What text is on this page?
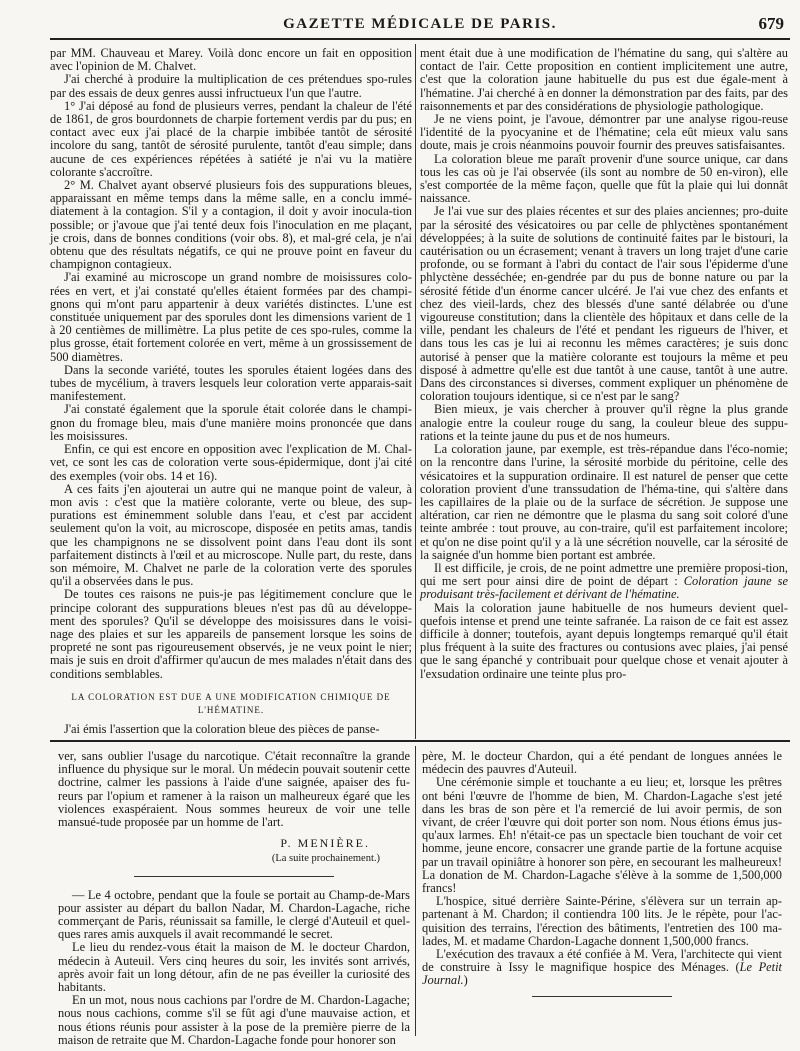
GAZETTE MÉDICALE DE PARIS.	679

par MM. Chauveau et Marey. Voilà donc encore un fait en opposition avec l'opinion de M. Chalvet.

J'ai cherché à produire la multiplication de ces prétendues spo-rules par des essais de deux genres aussi infructueux l'un que l'autre.

1° J'ai déposé au fond de plusieurs verres, pendant la chaleur de l'été de 1861, de gros bourdonnets de charpie fortement verdis par du pus; en contact avec eux j'ai placé de la charpie imbibée tantôt de sérosité incolore du sang, tantôt de sérosité purulente, tantôt d'eau simple; dans aucune de ces expériences répétées à satiété je n'ai vu la matière colorante s'accroître.

2° M. Chalvet ayant observé plusieurs fois des suppurations bleues, apparaissant en même temps dans la même salle, en a conclu immé-diatement à la contagion. S'il y a contagion, il doit y avoir inocula-tion possible; or j'avoue que j'ai tenté deux fois l'inoculation en me plaçant, je crois, dans de bonnes conditions (voir obs. 8), et mal-gré cela, je n'ai obtenu que des résultats négatifs, ce qui ne prouve point en faveur du champignon contagieux.

J'ai examiné au microscope un grand nombre de moisissures colo-rées en vert, et j'ai constaté qu'elles étaient formées par des champi-gnons qui m'ont paru appartenir à deux variétés distinctes. L'une est constituée uniquement par des sporules dont les dimensions varient de 1 à 20 centièmes de millimètre. La plus petite de ces spo-rules, comme la plus grosse, était fortement colorée en vert, même à un grossissement de 500 diamètres.

Dans la seconde variété, toutes les sporules étaient logées dans des tubes de mycélium, à travers lesquels leur coloration verte apparais-sait manifestement.

J'ai constaté également que la sporule était colorée dans le champi-gnon du fromage bleu, mais d'une manière moins prononcée que dans les moisissures.

Enfin, ce qui est encore en opposition avec l'explication de M. Chal-vet, ce sont les cas de coloration verte sous-épidermique, dont j'ai cité des exemples (voir obs. 14 et 16).

A ces faits j'en ajouterai un autre qui ne manque point de valeur, à mon avis : c'est que la matière colorante, verte ou bleue, des sup-purations est éminemment soluble dans l'eau, et c'est par accident seulement qu'on la voit, au microscope, disposée en petits amas, tandis que les champignons ne se dissolvent point dans l'eau dont ils sont parfaitement distincts à l'œil et au microscope. Nulle part, du reste, dans son mémoire, M. Chalvet ne parle de la coloration verte des sporules qu'il a observées dans le pus.

De toutes ces raisons ne puis-je pas légitimement conclure que le principe colorant des suppurations bleues n'est pas dû au développe-ment des sporules? Qu'il se développe des moisissures dans le voisi-nage des plaies et sur les appareils de pansement lorsque les soins de propreté ne sont pas rigoureusement observés, je ne veux point le nier; mais je suis en droit d'affirmer qu'aucun de mes malades n'était dans des conditions semblables.

LA COLORATION EST DUE A UNE MODIFICATION CHIMIQUE DE L'HÉMATINE.

J'ai émis l'assertion que la coloration bleue des pièces de panse-

ment était due à une modification de l'hématine du sang, qui s'altère au contact de l'air. Cette proposition en contient implicitement une autre, c'est que la coloration jaune habituelle du pus est due égale-ment à l'hématine. J'ai cherché à en donner la démonstration par des faits, par des raisonnements et par des considérations de physiologie pathologique.

Je ne viens point, je l'avoue, démontrer par une analyse rigou-reuse l'identité de la pyocyanine et de l'hématine; cela eût mieux valu sans doute, mais je crois néanmoins pouvoir fournir des preuves satisfaisantes.

La coloration bleue me paraît provenir d'une source unique, car dans tous les cas où je l'ai observée (ils sont au nombre de 50 en-viron), elle s'est comportée de la même façon, quelle que fût la plaie qui lui donnât naissance.

Je l'ai vue sur des plaies récentes et sur des plaies anciennes; pro-duite par la sérosité des vésicatoires ou par celle de phlyctènes spontanément développées; à la suite de solutions de continuité faites par le bistouri, la cautérisation ou un écrasement; venant à travers un long trajet d'une carie profonde, ou se formant à l'abri du contact de l'air sous l'épiderme d'une phlyctène desséchée; en-gendrée par du pus de bonne nature ou par la sérosité fétide d'un énorme cancer ulcéré. Je l'ai vue chez des enfants et chez des vieil-lards, chez des blessés d'une santé délabrée ou d'une vigoureuse constitution; dans la clientèle des hôpitaux et dans celle de la ville, pendant les chaleurs de l'été et pendant les rigueurs de l'hiver, et dans tous les cas je lui ai reconnu les mêmes caractères; je suis donc autorisé à penser que la matière colorante est toujours la même et peu disposé à admettre qu'elle est due tantôt à une cause, tantôt à une autre. Dans des circonstances si diverses, comment expliquer un phénomène de coloration toujours identique, si ce n'est par le sang?

Bien mieux, je vais chercher à prouver qu'il règne la plus grande analogie entre la couleur rouge du sang, la couleur bleue des suppu-rations et la teinte jaune du pus et de nos humeurs.

La coloration jaune, par exemple, est très-répandue dans l'éco-nomie; on la rencontre dans l'urine, la sérosité morbide du péritoine, celle des vésicatoires et la suppuration ordinaire. Il est naturel de penser que cette coloration provient d'une transsudation de l'héma-tine, qui s'altère dans les capillaires de la plaie ou de la surface de sécrétion. Je suppose une altération, car rien ne démontre que le plasma du sang soit coloré d'une teinte ambrée : tout prouve, au con-traire, qu'il est parfaitement incolore; et qu'on ne dise point qu'il y a là une sécrétion nouvelle, car la sérosité de la saignée d'un homme bien portant est ambrée.

Il est difficile, je crois, de ne point admettre une première proposi-tion, qui me sert pour ainsi dire de point de départ : Coloration jaune se produisant très-facilement et dérivant de l'hématine.

Mais la coloration jaune habituelle de nos humeurs devient quel-quefois intense et prend une teinte safranée. La raison de ce fait est assez difficile à donner; toutefois, ayant depuis longtemps remarqué qu'il était plus fréquent à la suite des fractures ou contusions avec plaies, j'ai pensé que le sang épanché y contribuait pour quelque chose et venait ajouter à l'exsudation ordinaire une teinte plus pro-

ver, sans oublier l'usage du narcotique. C'était reconnaître la grande influence du physique sur le moral. Un médecin pouvait soutenir cette doctrine, calmer les passions à l'aide d'une saignée, apaiser des fu-reurs par l'opium et ramener à la raison un malheureux égaré que les violences exaspéraient. Nous sommes heureux de voir une telle mansué-tude proposée par un homme de l'art.

P. MENIÈRE.
(La suite prochainement.)

— Le 4 octobre, pendant que la foule se portait au Champ-de-Mars pour assister au départ du ballon Nadar, M. Chardon-Lagache, riche commerçant de Paris, réunissait sa famille, le clergé d'Auteuil et quel-ques rares amis auxquels il avait recommandé le secret.

Le lieu du rendez-vous était la maison de M. le docteur Chardon, médecin à Auteuil. Vers cinq heures du soir, les invités sont arrivés, après avoir fait un long détour, afin de ne pas éveiller la curiosité des habitants.

En un mot, nous nous cachions par l'ordre de M. Chardon-Lagache; nous nous cachions, comme s'il se fût agi d'une mauvaise action, et nous étions réunis pour assister à la pose de la première pierre de la maison de retraite que M. Chardon-Lagache fonde pour honorer son

père, M. le docteur Chardon, qui a été pendant de longues années le médecin des pauvres d'Auteuil.

Une cérémonie simple et touchante a eu lieu; et, lorsque les prêtres ont béni l'œuvre de l'homme de bien, M. Chardon-Lagache s'est jeté dans les bras de son père et l'a remercié de lui avoir permis, de son vivant, de créer l'œuvre qui doit porter son nom. Nous étions émus jus-qu'aux larmes. Eh! n'était-ce pas un spectacle bien touchant de voir cet homme, jeune encore, consacrer une grande partie de la fortune acquise par un travail opiniâtre à honorer son père, en secourant les malheureux! La donation de M. Chardon-Lagache s'élève à la somme de 1,500,000 francs!

L'hospice, situé derrière Sainte-Périne, s'élèvera sur un terrain ap-partenant à M. Chardon; il contiendra 100 lits. Je le répète, pour l'ac-quisition des terrains, l'érection des bâtiments, l'entretien des 100 ma-lades, M. et madame Chardon-Lagache donnent 1,500,000 francs.

L'exécution des travaux a été confiée à M. Vera, l'architecte qui vient de construire à Issy le magnifique hospice des Ménages. (Le Petit Journal.)
